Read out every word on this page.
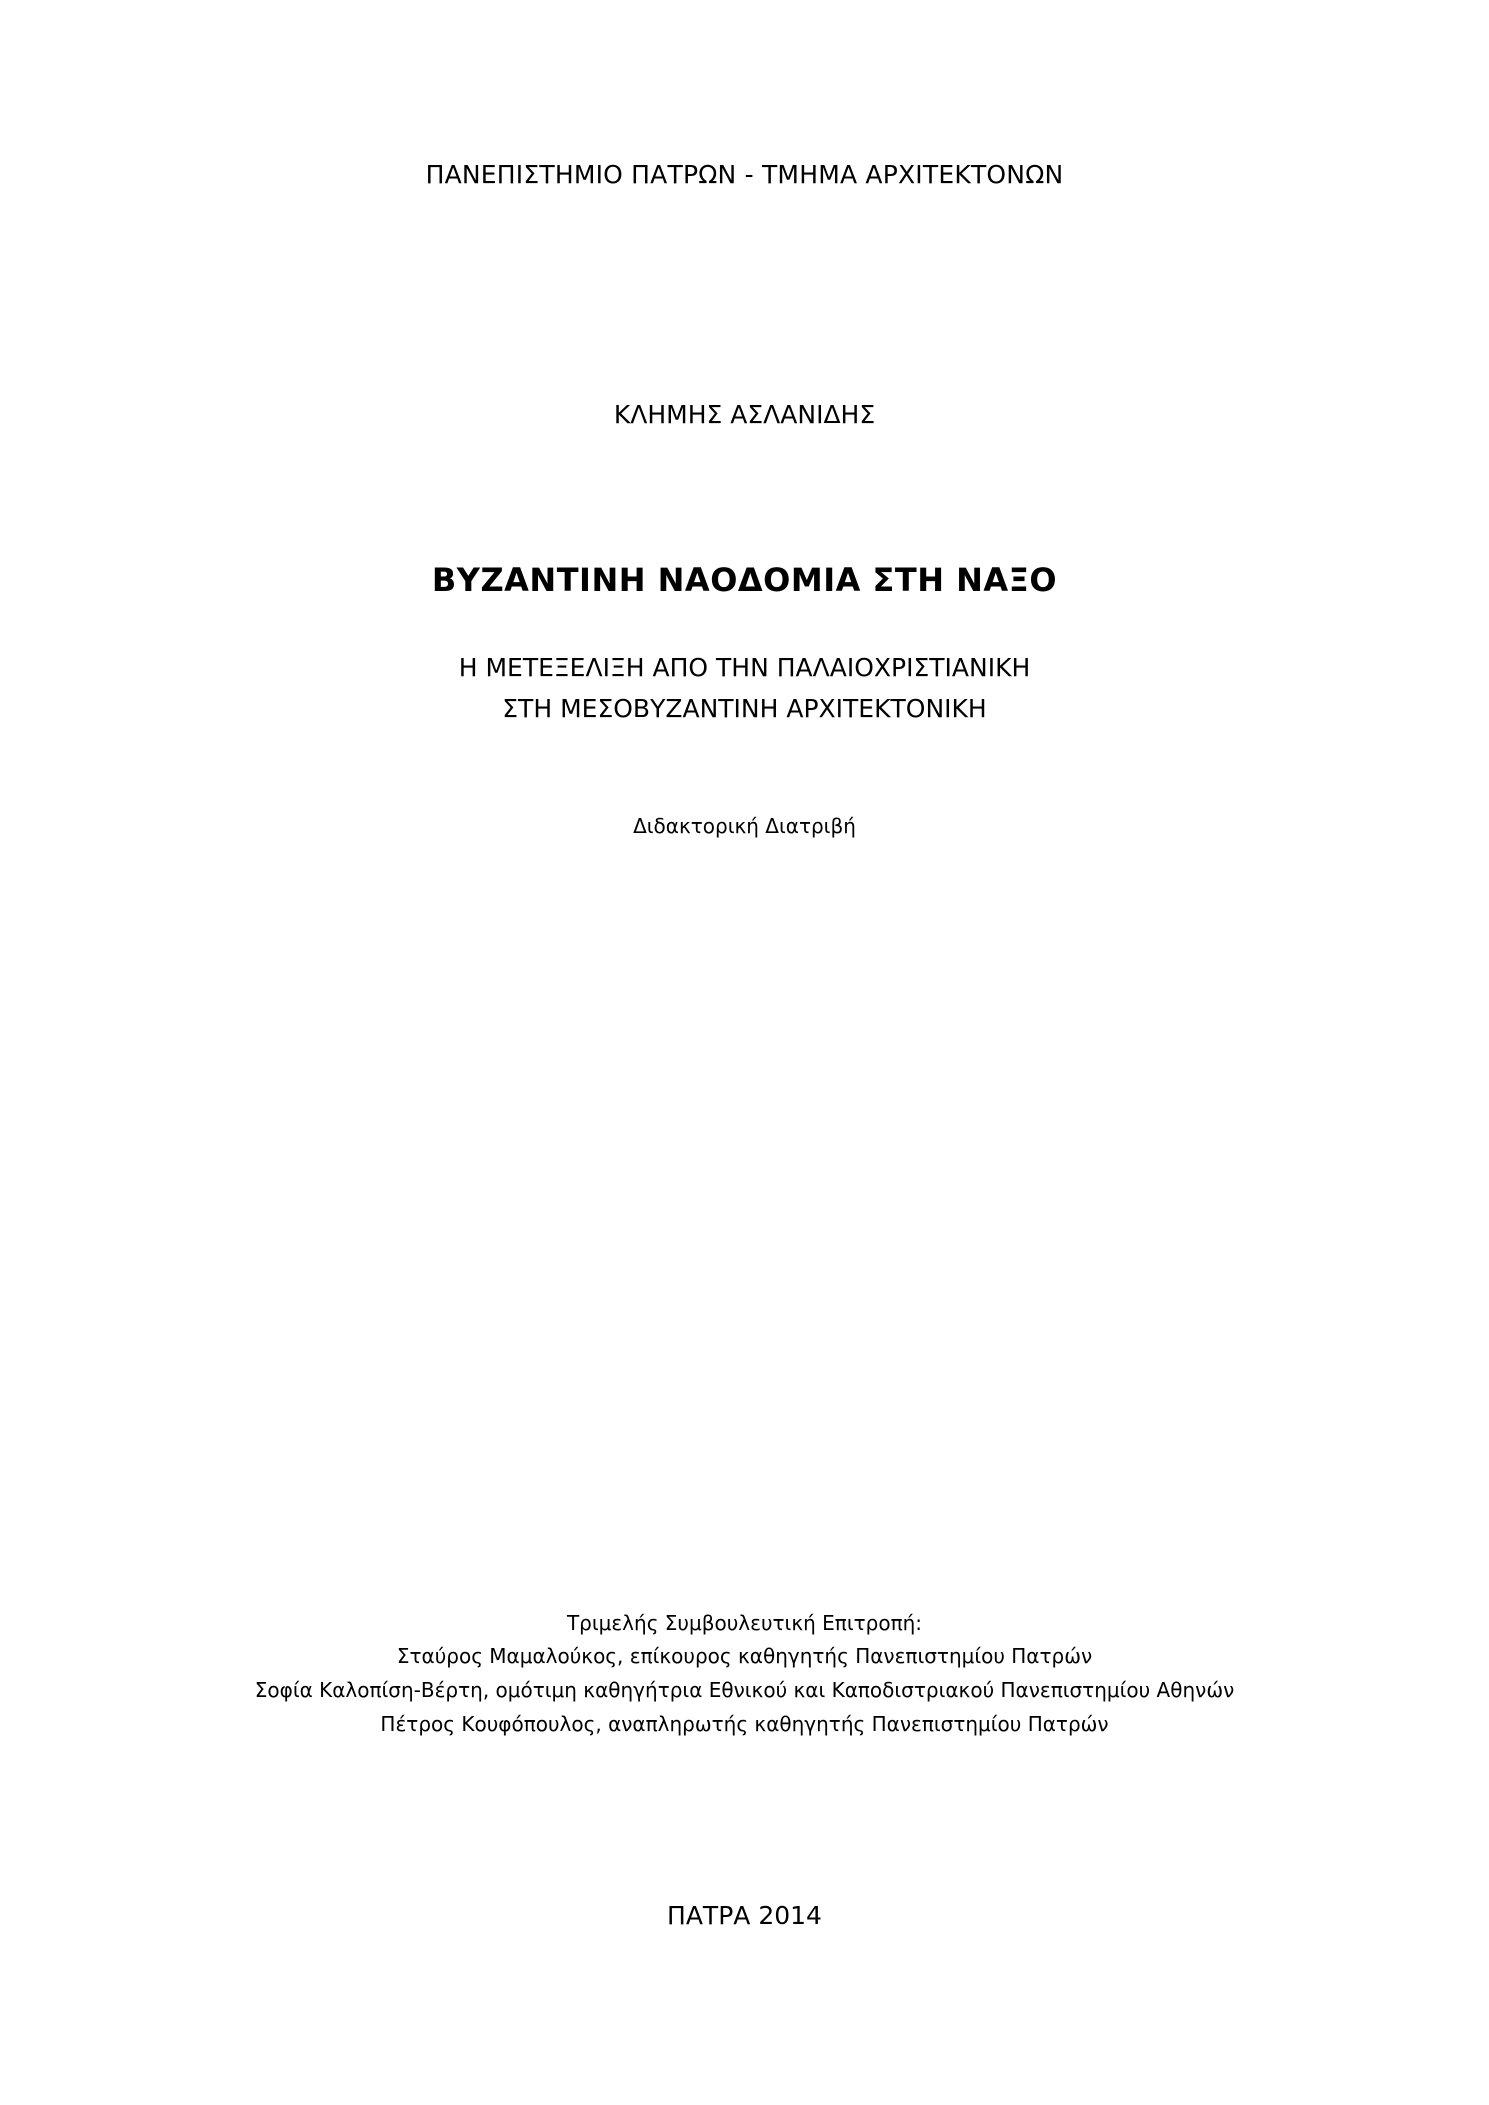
ΠΑΝΕΠΙΣΤΗΜΙΟ ΠΑΤΡΩΝ - ΤΜΗΜΑ ΑΡΧΙΤΕΚΤΟΝΩΝ
ΚΛΗΜΗΣ ΑΣΛΑΝΙΔΗΣ
ΒΥΖΑΝΤΙΝΗ ΝΑΟΔΟΜΙΑ ΣΤΗ ΝΑΞΟ
Η ΜΕΤΕΞΕΛΙΞΗ ΑΠΟ ΤΗΝ ΠΑΛΑΙΟΧΡΙΣΤΙΑΝΙΚΗ
ΣΤΗ ΜΕΣΟΒΥΖΑΝΤΙΝΗ ΑΡΧΙΤΕΚΤΟΝΙΚΗ
Διδακτορική Διατριβή
Τριμελής Συμβουλευτική Επιτροπή:
Σταύρος Μαμαλούκος, επίκουρος καθηγητής Πανεπιστημίου Πατρών
Σοφία Καλοπίση-Βέρτη, ομότιμη καθηγήτρια Εθνικού και Καποδιστριακού Πανεπιστημίου Αθηνών
Πέτρος Κουφόπουλος, αναπληρωτής καθηγητής Πανεπιστημίου Πατρών
ΠΑΤΡΑ 2014
